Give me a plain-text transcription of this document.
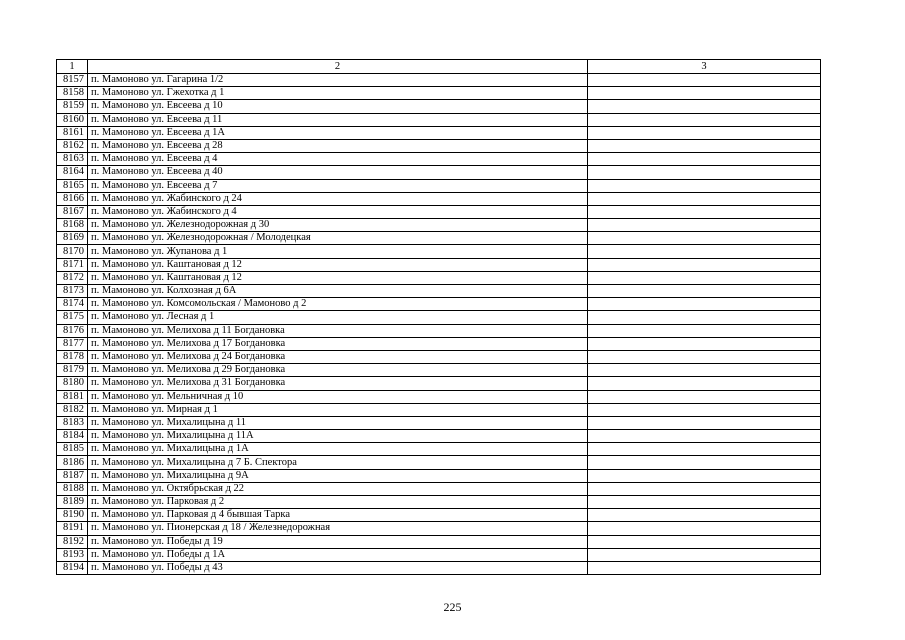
1	2	3
8157	п. Мамоново ул. Гагарина 1/2	
8158	п. Мамоново ул. Гжехотка д 1	
8159	п. Мамоново ул. Евсеева д 10	
8160	п. Мамоново ул. Евсеева д 11	
8161	п. Мамоново ул. Евсеева д 1А	
8162	п. Мамоново ул. Евсеева д 28	
8163	п. Мамоново ул. Евсеева д 4	
8164	п. Мамоново ул. Евсеева д 40	
8165	п. Мамоново ул. Евсеева д 7	
8166	п. Мамоново ул. Жабинского д 24	
8167	п. Мамоново ул. Жабинского д 4	
8168	п. Мамоново ул. Железнодорожная д 30	
8169	п. Мамоново ул. Железнодорожная / Молодецкая	
8170	п. Мамоново ул. Жупанова д 1	
8171	п. Мамоново ул. Каштановая д 12	
8172	п. Мамоново ул. Каштановая д 12	
8173	п. Мамоново ул. Колхозная д 6А	
8174	п. Мамоново ул. Комсомольская / Мамоново д 2	
8175	п. Мамоново ул. Лесная д 1	
8176	п. Мамоново ул. Мелихова д 11 Богдановка	
8177	п. Мамоново ул. Мелихова д 17 Богдановка	
8178	п. Мамоново ул. Мелихова д 24 Богдановка	
8179	п. Мамоново ул. Мелихова д 29 Богдановка	
8180	п. Мамоново ул. Мелихова д 31 Богдановка	
8181	п. Мамоново ул. Мельничная д 10	
8182	п. Мамоново ул. Мирная д 1	
8183	п. Мамоново ул. Михалицына д 11	
8184	п. Мамоново ул. Михалицына д 11А	
8185	п. Мамоново ул. Михалицына д 1А	
8186	п. Мамоново ул. Михалицына д 7 Б. Спектора	
8187	п. Мамоново ул. Михалицына д 9А	
8188	п. Мамоново ул. Октябрьская д 22	
8189	п. Мамоново ул. Парковая д 2	
8190	п. Мамоново ул. Парковая д 4 бывшая Тарка	
8191	п. Мамоново ул. Пионерская д 18 / Железнедорожная	
8192	п. Мамоново ул. Победы д 19	
8193	п. Мамоново ул. Победы д 1А	
8194	п. Мамоново ул. Победы д 43	
225
